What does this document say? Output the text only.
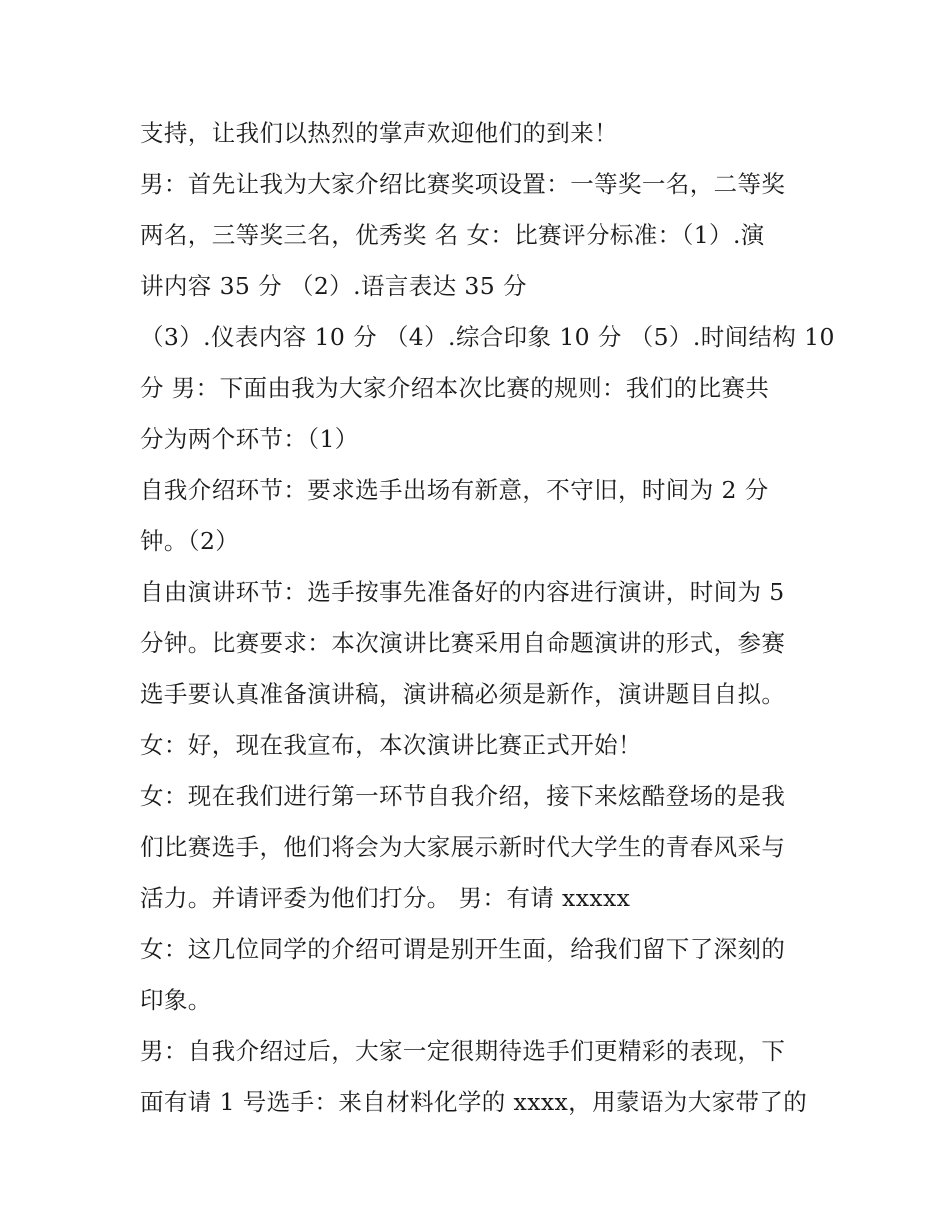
支持，让我们以热烈的掌声欢迎他们的到来！
男：首先让我为大家介绍比赛奖项设置：一等奖一名，二等奖
两名，三等奖三名，优秀奖 名 女：比赛评分标准：（1）.演
讲内容 35 分 （2）.语言表达 35 分
（3）.仪表内容 10 分 （4）.综合印象 10 分 （5）.时间结构 10
分 男：下面由我为大家介绍本次比赛的规则：我们的比赛共
分为两个环节：（1）
自我介绍环节：要求选手出场有新意，不守旧，时间为 2 分
钟。（2）
自由演讲环节：选手按事先准备好的内容进行演讲，时间为 5
分钟。比赛要求：本次演讲比赛采用自命题演讲的形式，参赛
选手要认真准备演讲稿，演讲稿必须是新作，演讲题目自拟。
女：好，现在我宣布，本次演讲比赛正式开始！
女：现在我们进行第一环节自我介绍，接下来炫酷登场的是我
们比赛选手，他们将会为大家展示新时代大学生的青春风采与
活力。并请评委为他们打分。 男：有请 xxxxx
女：这几位同学的介绍可谓是别开生面，给我们留下了深刻的
印象。
男：自我介绍过后，大家一定很期待选手们更精彩的表现，下
面有请 1 号选手：来自材料化学的 xxxx，用蒙语为大家带了的
